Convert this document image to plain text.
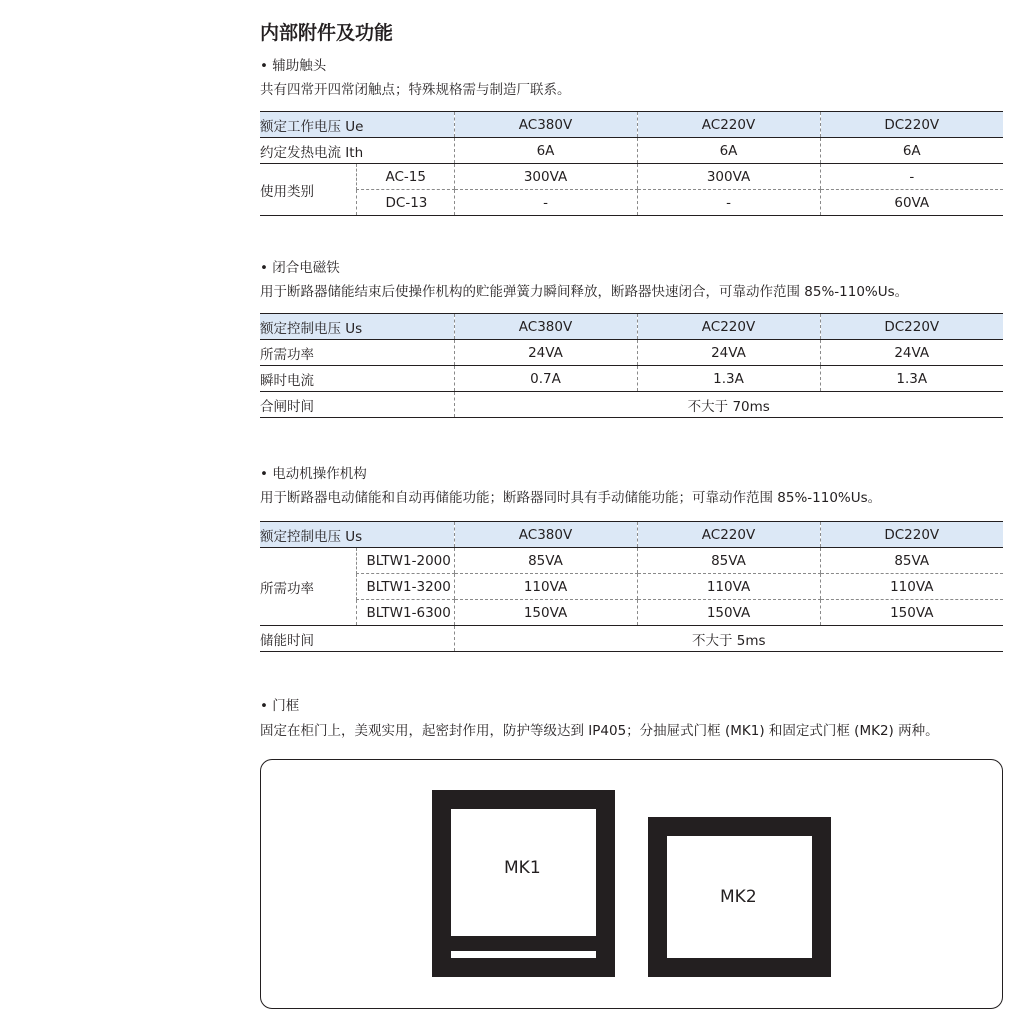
内部附件及功能
• 辅助触头
共有四常开四常闭触点；特殊规格需与制造厂联系。
额定工作电压 Ue		AC380V	AC220V	DC220V
约定发热电流 Ith		6A	6A	6A
使用类别	AC-15	300VA	300VA	-
	DC-13	-	-	60VA
• 闭合电磁铁
用于断路器储能结束后使操作机构的贮能弹簧力瞬间释放，断路器快速闭合，可靠动作范围 85%-110%Us。
额定控制电压 Us	AC380V	AC220V	DC220V
所需功率	24VA	24VA	24VA
瞬时电流	0.7A	1.3A	1.3A
合闸时间	不大于 70ms		
• 电动机操作机构
用于断路器电动储能和自动再储能功能；断路器同时具有手动储能功能；可靠动作范围 85%-110%Us。
额定控制电压 Us		AC380V	AC220V	DC220V
所需功率	BLTW1-2000	85VA	85VA	85VA
	BLTW1-3200	110VA	110VA	110VA
	BLTW1-6300	150VA	150VA	150VA
储能时间		不大于 5ms		
• 门框
固定在柜门上，美观实用，起密封作用，防护等级达到 IP405；分抽屉式门框 (MK1) 和固定式门框 (MK2) 两种。
MK1
MK2
